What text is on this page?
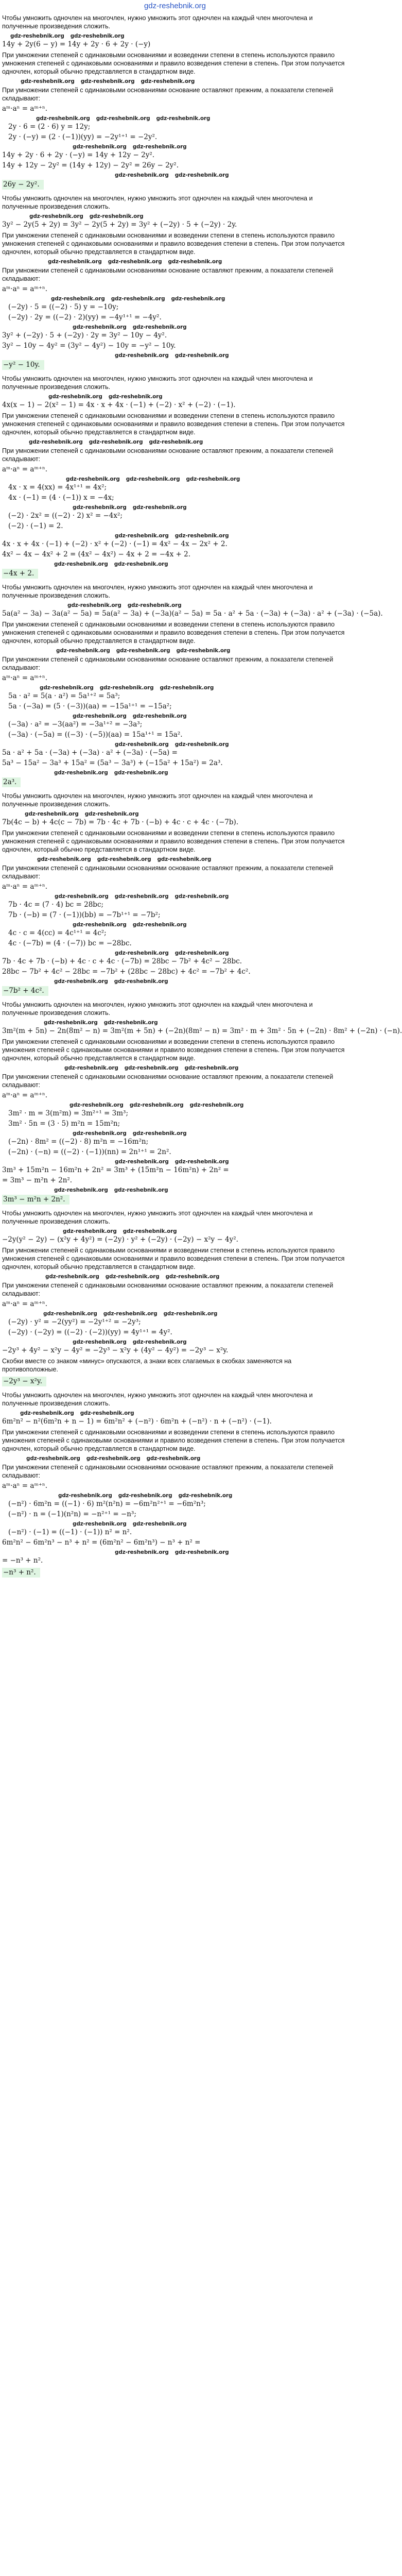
gdz-reshebnik.org
Чтобы умножить одночлен на многочлен, нужно умножить этот одночлен на каждый член многочлена и полученные произведения сложить.
gdz-reshebnik.org gdz-reshebnik.org
14y + 2y(6 − y) = 14y + 2y · 6 + 2y · (−y)
При умножении степеней с одинаковыми основаниями и возведении степени в степень используются правило умножения степеней с одинаковыми основаниями и правило возведения степени в степень. При этом получается одночлен, который обычно представляется в стандартном виде.
gdz-reshebnik.org gdz-reshebnik.org gdz-reshebnik.org
При умножении степеней с одинаковыми основаниями основание оставляют прежним, а показатели степеней складывают:
aᵐ·aⁿ = aᵐ⁺ⁿ.
gdz-reshebnik.org gdz-reshebnik.org gdz-reshebnik.org
2y · 6 = (2 · 6) y = 12y;
2y · (−y) = (2 · (−1))(yy) = −2y¹⁺¹ = −2y².
gdz-reshebnik.org gdz-reshebnik.org
14y + 2y · 6 + 2y · (−y) = 14y + 12y − 2y².
14y + 12y − 2y² = (14y + 12y) − 2y² = 26y − 2y².
gdz-reshebnik.org gdz-reshebnik.org
26y − 2y².
Чтобы умножить одночлен на многочлен, нужно умножить этот одночлен на каждый член многочлена и полученные произведения сложить.
gdz-reshebnik.org gdz-reshebnik.org
3y² − 2y(5 + 2y) = 3y² − 2y(5 + 2y) = 3y² + (−2y) · 5 + (−2y) · 2y.
При умножении степеней с одинаковыми основаниями и возведении степени в степень используются правило умножения степеней с одинаковыми основаниями и правило возведения степени в степень. При этом получается одночлен, который обычно представляется в стандартном виде.
gdz-reshebnik.org gdz-reshebnik.org gdz-reshebnik.org
При умножении степеней с одинаковыми основаниями основание оставляют прежним, а показатели степеней складывают:
aᵐ·aⁿ = aᵐ⁺ⁿ.
gdz-reshebnik.org gdz-reshebnik.org gdz-reshebnik.org
(−2y) · 5 = ((−2) · 5) y = −10y;
(−2y) · 2y = ((−2) · 2)(yy) = −4y¹⁺¹ = −4y².
gdz-reshebnik.org gdz-reshebnik.org
3y² + (−2y) · 5 + (−2y) · 2y = 3y² − 10y − 4y².
3y² − 10y − 4y² = (3y² − 4y²) − 10y = −y² − 10y.
gdz-reshebnik.org gdz-reshebnik.org
−y² − 10y.
Чтобы умножить одночлен на многочлен, нужно умножить этот одночлен на каждый член многочлена и полученные произведения сложить.
gdz-reshebnik.org gdz-reshebnik.org
4x(x − 1) − 2(x² − 1) = 4x · x + 4x · (−1) + (−2) · x² + (−2) · (−1).
При умножении степеней с одинаковыми основаниями и возведении степени в степень используются правило умножения степеней с одинаковыми основаниями и правило возведения степени в степень. При этом получается одночлен, который обычно представляется в стандартном виде.
gdz-reshebnik.org gdz-reshebnik.org gdz-reshebnik.org
При умножении степеней с одинаковыми основаниями основание оставляют прежним, а показатели степеней складывают:
aᵐ·aⁿ = aᵐ⁺ⁿ.
gdz-reshebnik.org gdz-reshebnik.org gdz-reshebnik.org
4x · x = 4(xx) = 4x¹⁺¹ = 4x²;
4x · (−1) = (4 · (−1)) x = −4x;
gdz-reshebnik.org gdz-reshebnik.org
(−2) · 2x² = ((−2) · 2) x² = −4x²;
(−2) · (−1) = 2.
gdz-reshebnik.org gdz-reshebnik.org
4x · x + 4x · (−1) + (−2) · x² + (−2) · (−1) = 4x² − 4x − 2x² + 2.
4x² − 4x − 4x² + 2 = (4x² − 4x²) − 4x + 2 = −4x + 2.
gdz-reshebnik.org gdz-reshebnik.org
−4x + 2.
Чтобы умножить одночлен на многочлен, нужно умножить этот одночлен на каждый член многочлена и полученные произведения сложить.
gdz-reshebnik.org gdz-reshebnik.org
5a(a² − 3a) − 3a(a² − 5a) = 5a(a² − 3a) + (−3a)(a² − 5a) = 5a · a² + 5a · (−3a) + (−3a) · a² + (−3a) · (−5a).
При умножении степеней с одинаковыми основаниями и возведении степени в степень используются правило умножения степеней с одинаковыми основаниями и правило возведения степени в степень. При этом получается одночлен, который обычно представляется в стандартном виде.
gdz-reshebnik.org gdz-reshebnik.org gdz-reshebnik.org
При умножении степеней с одинаковыми основаниями основание оставляют прежним, а показатели степеней складывают:
aᵐ·aⁿ = aᵐ⁺ⁿ.
gdz-reshebnik.org gdz-reshebnik.org gdz-reshebnik.org
5a · a² = 5(a · a²) = 5a¹⁺² = 5a³;
5a · (−3a) = (5 · (−3))(aa) = −15a¹⁺¹ = −15a²;
gdz-reshebnik.org gdz-reshebnik.org
(−3a) · a² = −3(aa²) = −3a¹⁺² = −3a³;
(−3a) · (−5a) = ((−3) · (−5))(aa) = 15a¹⁺¹ = 15a².
gdz-reshebnik.org gdz-reshebnik.org
5a · a² + 5a · (−3a) + (−3a) · a² + (−3a) · (−5a) =
5a³ − 15a² − 3a³ + 15a² = (5a³ − 3a³) + (−15a² + 15a²) = 2a³.
gdz-reshebnik.org gdz-reshebnik.org
2a³.
Чтобы умножить одночлен на многочлен, нужно умножить этот одночлен на каждый член многочлена и полученные произведения сложить.
gdz-reshebnik.org gdz-reshebnik.org
7b(4c − b) + 4c(c − 7b) = 7b · 4c + 7b · (−b) + 4c · c + 4c · (−7b).
При умножении степеней с одинаковыми основаниями и возведении степени в степень используются правило умножения степеней с одинаковыми основаниями и правило возведения степени в степень. При этом получается одночлен, который обычно представляется в стандартном виде.
gdz-reshebnik.org gdz-reshebnik.org gdz-reshebnik.org
При умножении степеней с одинаковыми основаниями основание оставляют прежним, а показатели степеней складывают:
aᵐ·aⁿ = aᵐ⁺ⁿ.
gdz-reshebnik.org gdz-reshebnik.org gdz-reshebnik.org
7b · 4c = (7 · 4) bc = 28bc;
7b · (−b) = (7 · (−1))(bb) = −7b¹⁺¹ = −7b²;
gdz-reshebnik.org gdz-reshebnik.org
4c · c = 4(cc) = 4c¹⁺¹ = 4c²;
4c · (−7b) = (4 · (−7)) bc = −28bc.
gdz-reshebnik.org gdz-reshebnik.org
7b · 4c + 7b · (−b) + 4c · c + 4c · (−7b) = 28bc − 7b² + 4c² − 28bc.
28bc − 7b² + 4c² − 28bc = −7b² + (28bc − 28bc) + 4c² = −7b² + 4c².
gdz-reshebnik.org gdz-reshebnik.org
−7b² + 4c².
Чтобы умножить одночлен на многочлен, нужно умножить этот одночлен на каждый член многочлена и полученные произведения сложить.
gdz-reshebnik.org gdz-reshebnik.org
3m²(m + 5n) − 2n(8m² − n) = 3m²(m + 5n) + (−2n)(8m² − n) = 3m² · m + 3m² · 5n + (−2n) · 8m² + (−2n) · (−n).
При умножении степеней с одинаковыми основаниями и возведении степени в степень используются правило умножения степеней с одинаковыми основаниями и правило возведения степени в степень. При этом получается одночлен, который обычно представляется в стандартном виде.
gdz-reshebnik.org gdz-reshebnik.org gdz-reshebnik.org
При умножении степеней с одинаковыми основаниями основание оставляют прежним, а показатели степеней складывают:
aᵐ·aⁿ = aᵐ⁺ⁿ.
gdz-reshebnik.org gdz-reshebnik.org gdz-reshebnik.org
3m² · m = 3(m²m) = 3m²⁺¹ = 3m³;
3m² · 5n = (3 · 5) m²n = 15m²n;
gdz-reshebnik.org gdz-reshebnik.org
(−2n) · 8m² = ((−2) · 8) m²n = −16m²n;
(−2n) · (−n) = ((−2) · (−1))(nn) = 2n¹⁺¹ = 2n².
gdz-reshebnik.org gdz-reshebnik.org
3m³ + 15m²n − 16m²n + 2n² = 3m³ + (15m²n − 16m²n) + 2n² =
= 3m³ − m²n + 2n².
gdz-reshebnik.org gdz-reshebnik.org
3m³ − m²n + 2n².
Чтобы умножить одночлен на многочлен, нужно умножить этот одночлен на каждый член многочлена и полученные произведения сложить.
gdz-reshebnik.org gdz-reshebnik.org
−2y(y² − 2y) − (x²y + 4y²) = (−2y) · y² + (−2y) · (−2y) − x²y − 4y².
При умножении степеней с одинаковыми основаниями и возведении степени в степень используются правило умножения степеней с одинаковыми основаниями и правило возведения степени в степень. При этом получается одночлен, который обычно представляется в стандартном виде.
gdz-reshebnik.org gdz-reshebnik.org gdz-reshebnik.org
При умножении степеней с одинаковыми основаниями основание оставляют прежним, а показатели степеней складывают:
aᵐ·aⁿ = aᵐ⁺ⁿ.
gdz-reshebnik.org gdz-reshebnik.org gdz-reshebnik.org
(−2y) · y² = −2(yy²) = −2y¹⁺² = −2y³;
(−2y) · (−2y) = ((−2) · (−2))(yy) = 4y¹⁺¹ = 4y².
gdz-reshebnik.org gdz-reshebnik.org
−2y³ + 4y² − x²y − 4y² = −2y³ − x²y + (4y² − 4y²) = −2y³ − x²y.
Скобки вместе со знаком «минус» опускаются, а знаки всех слагаемых в скобках заменяются на противоположные.
−2y³ − x²y.
Чтобы умножить одночлен на многочлен, нужно умножить этот одночлен на каждый член многочлена и полученные произведения сложить.
gdz-reshebnik.org gdz-reshebnik.org
6m²n² − n²(6m²n + n − 1) = 6m²n² + (−n²) · 6m²n + (−n²) · n + (−n²) · (−1).
При умножении степеней с одинаковыми основаниями и возведении степени в степень используются правило умножения степеней с одинаковыми основаниями и правило возведения степени в степень. При этом получается одночлен, который обычно представляется в стандартном виде.
gdz-reshebnik.org gdz-reshebnik.org gdz-reshebnik.org
При умножении степеней с одинаковыми основаниями основание оставляют прежним, а показатели степеней складывают:
aᵐ·aⁿ = aᵐ⁺ⁿ.
gdz-reshebnik.org gdz-reshebnik.org gdz-reshebnik.org
(−n²) · 6m²n = ((−1) · 6) m²(n²n) = −6m²n²⁺¹ = −6m²n³;
(−n²) · n = (−1)(n²n) = −n²⁺¹ = −n³;
gdz-reshebnik.org gdz-reshebnik.org
(−n²) · (−1) = ((−1) · (−1)) n² = n².
6m²n² − 6m²n³ − n³ + n² = (6m²n² − 6m²n³) − n³ + n² =
gdz-reshebnik.org gdz-reshebnik.org
= −n³ + n².
−n³ + n².
